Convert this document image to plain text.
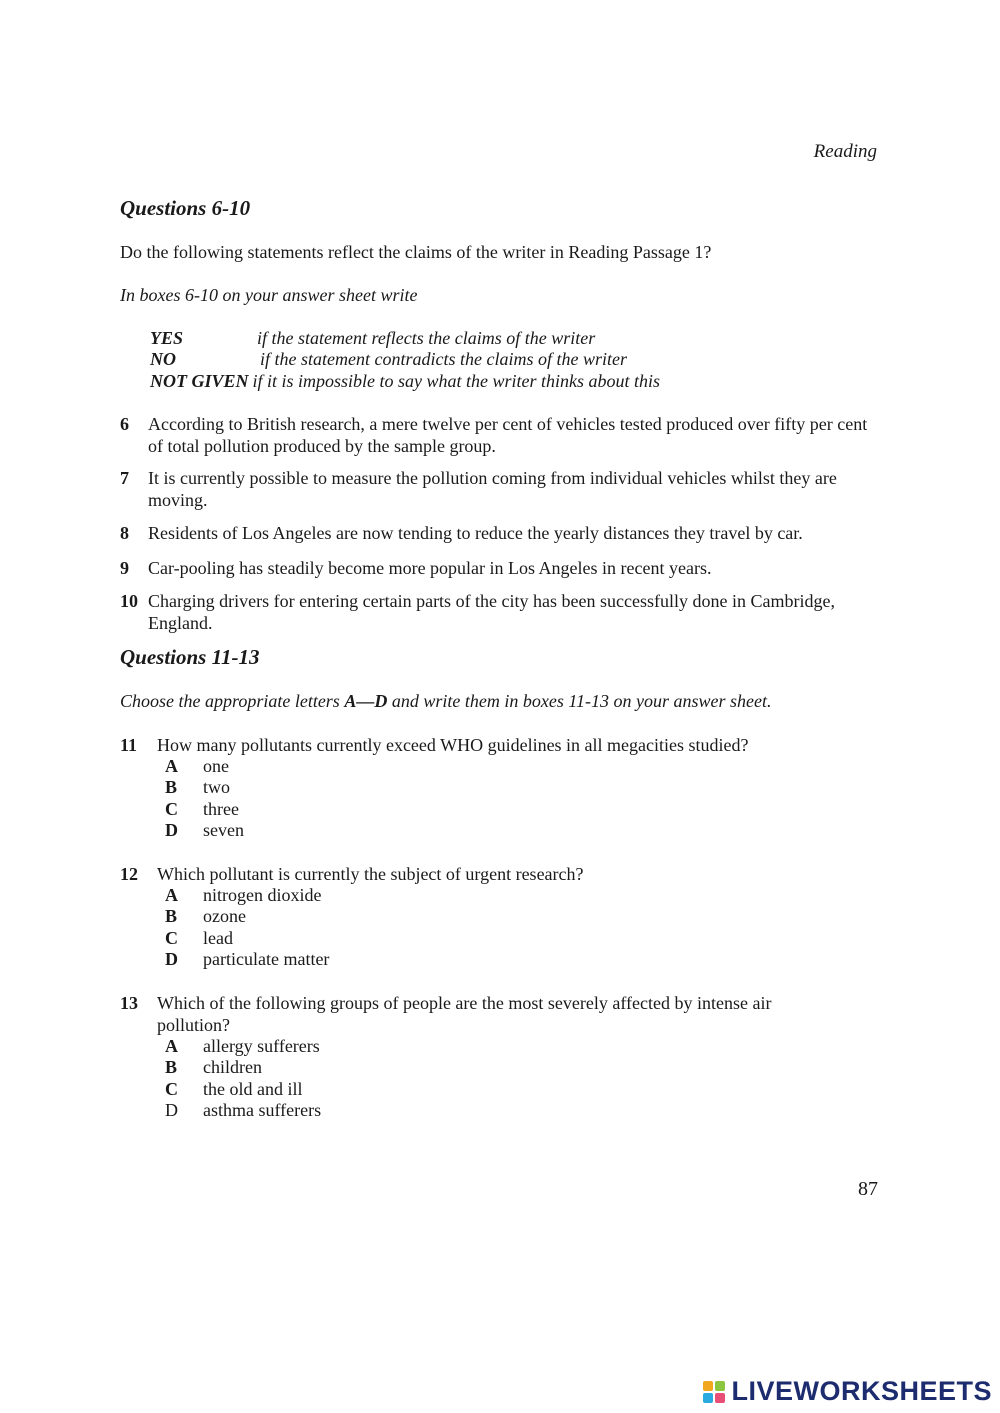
Reading
Questions 6-10
Do the following statements reflect the claims of the writer in Reading Passage 1?
In boxes 6-10 on your answer sheet write
YES	if the statement reflects the claims of the writer
NO	if the statement contradicts the claims of the writer
NOT GIVEN if it is impossible to say what the writer thinks about this
6	According to British research, a mere twelve per cent of vehicles tested produced over fifty per cent of total pollution produced by the sample group.
7	It is currently possible to measure the pollution coming from individual vehicles whilst they are moving.
8	Residents of Los Angeles are now tending to reduce the yearly distances they travel by car.
9	Car-pooling has steadily become more popular in Los Angeles in recent years.
10 Charging drivers for entering certain parts of the city has been successfully done in Cambridge, England.
Questions 11-13
Choose the appropriate letters A—D and write them in boxes 11-13 on your answer sheet.
11	How many pollutants currently exceed WHO guidelines in all megacities studied?
A	one
B	two
C	three
D	seven
12	Which pollutant is currently the subject of urgent research?
A	nitrogen dioxide
B	ozone
C	lead
D	particulate matter
13	Which of the following groups of people are the most severely affected by intense air pollution?
A	allergy sufferers
B	children
C	the old and ill
D	asthma sufferers
87
LIVEWORKSHEETS
